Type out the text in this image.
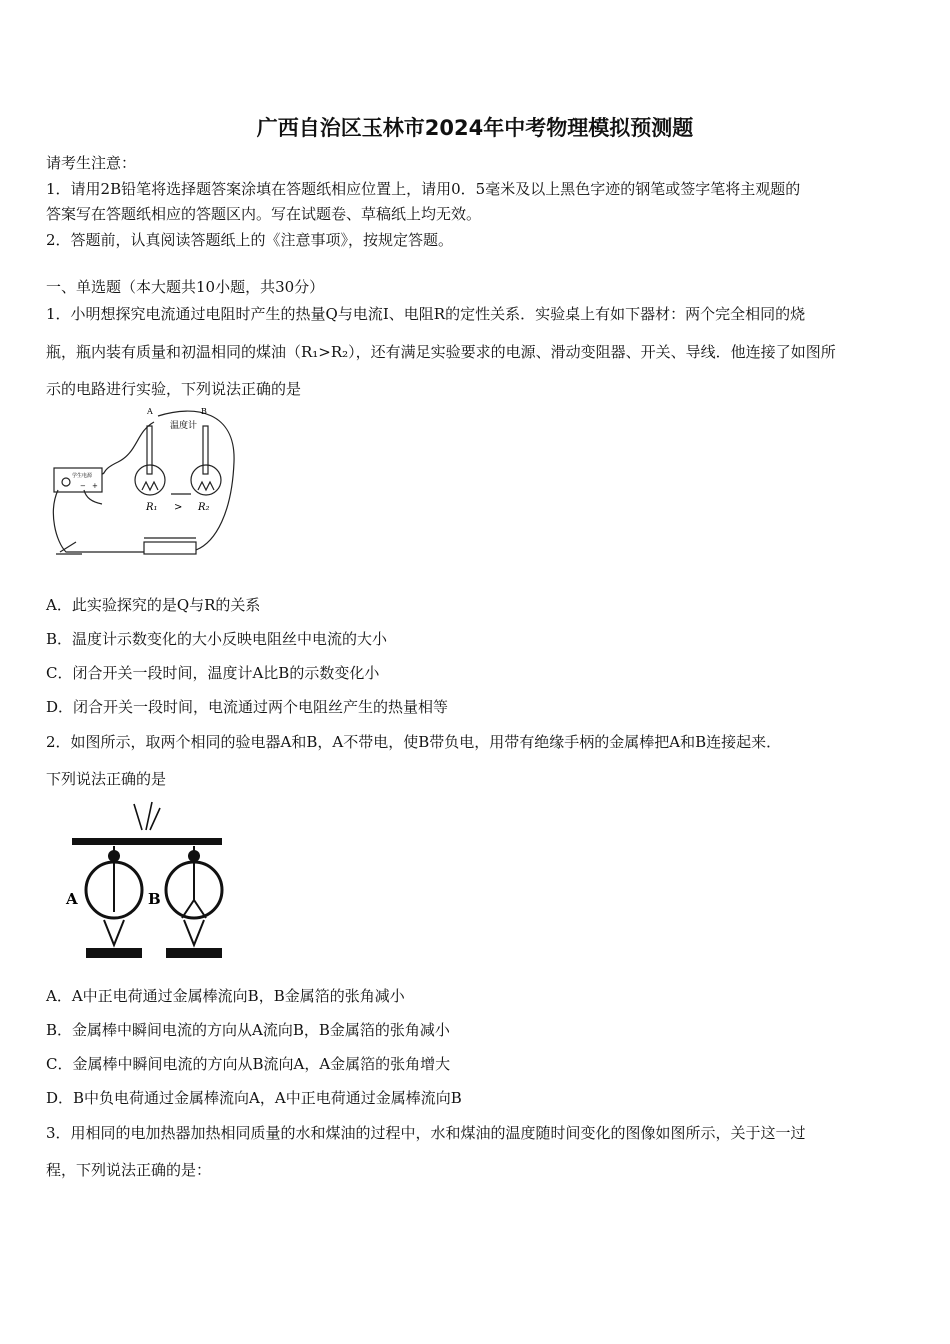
广西自治区玉林市2024年中考物理模拟预测题
请考生注意：
1．请用2B铅笔将选择题答案涂填在答题纸相应位置上，请用0．5毫米及以上黑色字迹的钢笔或签字笔将主观题的
答案写在答题纸相应的答题区内。写在试题卷、草稿纸上均无效。
2．答题前，认真阅读答题纸上的《注意事项》，按规定答题。
一、单选题（本大题共10小题，共30分）
1．小明想探究电流通过电阻时产生的热量Q与电流I、电阻R的定性关系．实验桌上有如下器材：两个完全相同的烧
瓶，瓶内装有质量和初温相同的煤油（R₁>R₂），还有满足实验要求的电源、滑动变阻器、开关、导线．他连接了如图所
示的电路进行实验，下列说法正确的是
A	B
温度计
R₁ > R₂
学生电源
− +
A．此实验探究的是Q与R的关系
B．温度计示数变化的大小反映电阻丝中电流的大小
C．闭合开关一段时间，温度计A比B的示数变化小
D．闭合开关一段时间，电流通过两个电阻丝产生的热量相等
2．如图所示，取两个相同的验电器A和B，A不带电，使B带负电，用带有绝缘手柄的金属棒把A和B连接起来．
下列说法正确的是
A	B
A．A中正电荷通过金属棒流向B，B金属箔的张角减小
B．金属棒中瞬间电流的方向从A流向B，B金属箔的张角减小
C．金属棒中瞬间电流的方向从B流向A，A金属箔的张角增大
D．B中负电荷通过金属棒流向A，A中正电荷通过金属棒流向B
3．用相同的电加热器加热相同质量的水和煤油的过程中，水和煤油的温度随时间变化的图像如图所示，关于这一过
程，下列说法正确的是：
